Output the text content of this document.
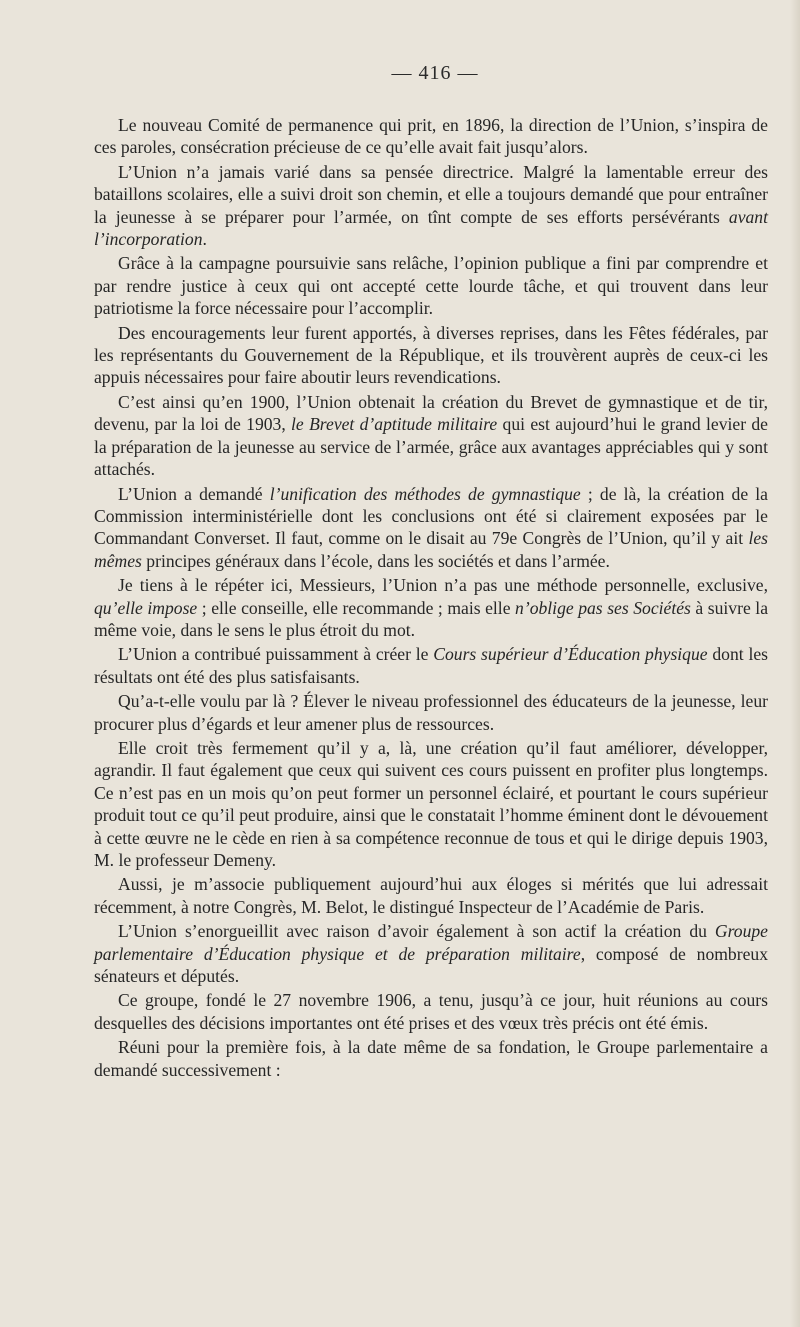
— 416 —

Le nouveau Comité de permanence qui prit, en 1896, la direction de l’Union, s’inspira de ces paroles, consécration précieuse de ce qu’elle avait fait jusqu’alors.

L’Union n’a jamais varié dans sa pensée directrice. Malgré la lamentable erreur des bataillons scolaires, elle a suivi droit son chemin, et elle a toujours demandé que pour entraîner la jeunesse à se préparer pour l’armée, on tînt compte de ses efforts persévérants avant l’incorporation.

Grâce à la campagne poursuivie sans relâche, l’opinion publique a fini par comprendre et par rendre justice à ceux qui ont accepté cette lourde tâche, et qui trouvent dans leur patriotisme la force nécessaire pour l’accomplir.

Des encouragements leur furent apportés, à diverses reprises, dans les Fêtes fédérales, par les représentants du Gouvernement de la République, et ils trouvèrent auprès de ceux-ci les appuis nécessaires pour faire aboutir leurs revendications.

C’est ainsi qu’en 1900, l’Union obtenait la création du Brevet de gymnastique et de tir, devenu, par la loi de 1903, le Brevet d’aptitude militaire qui est aujourd’hui le grand levier de la préparation de la jeunesse au service de l’armée, grâce aux avantages appréciables qui y sont attachés.

L’Union a demandé l’unification des méthodes de gymnastique ; de là, la création de la Commission interministérielle dont les conclusions ont été si clairement exposées par le Commandant Converset. Il faut, comme on le disait au 79e Congrès de l’Union, qu’il y ait les mêmes principes généraux dans l’école, dans les sociétés et dans l’armée.

Je tiens à le répéter ici, Messieurs, l’Union n’a pas une méthode personnelle, exclusive, qu’elle impose ; elle conseille, elle recommande ; mais elle n’oblige pas ses Sociétés à suivre la même voie, dans le sens le plus étroit du mot.

L’Union a contribué puissamment à créer le Cours supérieur d’Éducation physique dont les résultats ont été des plus satisfaisants.

Qu’a-t-elle voulu par là ? Élever le niveau professionnel des éducateurs de la jeunesse, leur procurer plus d’égards et leur amener plus de ressources.

Elle croit très fermement qu’il y a, là, une création qu’il faut améliorer, développer, agrandir. Il faut également que ceux qui suivent ces cours puissent en profiter plus longtemps. Ce n’est pas en un mois qu’on peut former un personnel éclairé, et pourtant le cours supérieur produit tout ce qu’il peut produire, ainsi que le constatait l’homme éminent dont le dévouement à cette œuvre ne le cède en rien à sa compétence reconnue de tous et qui le dirige depuis 1903, M. le professeur Demeny.

Aussi, je m’associe publiquement aujourd’hui aux éloges si mérités que lui adressait récemment, à notre Congrès, M. Belot, le distingué Inspecteur de l’Académie de Paris.

L’Union s’enorgueillit avec raison d’avoir également à son actif la création du Groupe parlementaire d’Éducation physique et de préparation militaire, composé de nombreux sénateurs et députés.

Ce groupe, fondé le 27 novembre 1906, a tenu, jusqu’à ce jour, huit réunions au cours desquelles des décisions importantes ont été prises et des vœux très précis ont été émis.

Réuni pour la première fois, à la date même de sa fondation, le Groupe parlementaire a demandé successivement :
